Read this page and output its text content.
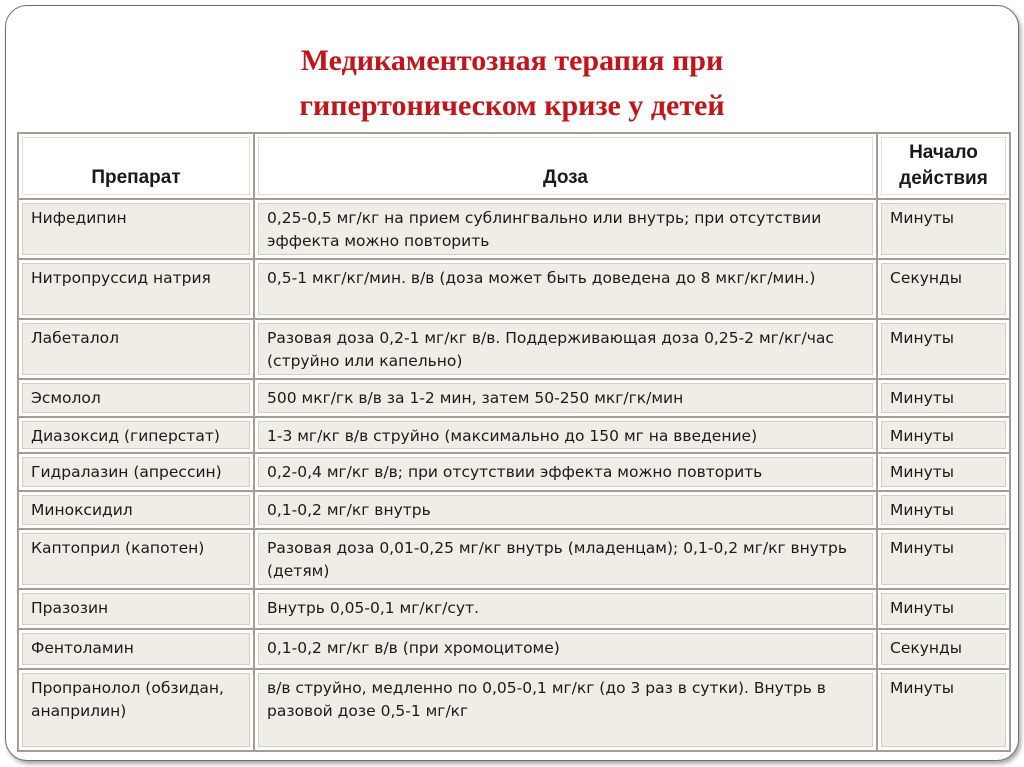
Медикаментозная терапия при
гипертоническом кризе у детей
Препарат	Доза	Начало действия

Нифедипин	0,25-0,5 мг/кг на прием сублингвально или внутрь; при отсутствии эффекта можно повторить	Минуты

Нитропруссид натрия	0,5-1 мкг/кг/мин. в/в (доза может быть доведена до 8 мкг/кг/мин.)	Секунды

Лабеталол	Разовая доза 0,2-1 мг/кг в/в. Поддерживающая доза 0,25-2 мг/кг/час (струйно или капельно)	Минуты

Эсмолол	500 мкг/гк в/в за 1-2 мин, затем 50-250 мкг/гк/мин	Минуты

Диазоксид (гиперстат)	1-3 мг/кг в/в струйно (максимально до 150 мг на введение)	Минуты

Гидралазин (апрессин)	0,2-0,4 мг/кг в/в; при отсутствии эффекта можно повторить	Минуты

Миноксидил	0,1-0,2 мг/кг внутрь	Минуты

Каптоприл (капотен)	Разовая доза 0,01-0,25 мг/кг внутрь (младенцам); 0,1-0,2 мг/кг внутрь (детям)	Минуты

Празозин	Внутрь 0,05-0,1 мг/кг/сут.	Минуты

Фентоламин	0,1-0,2 мг/кг в/в (при хромоцитоме)	Секунды

Пропранолол (обзидан, анаприлин)	в/в струйно, медленно по 0,05-0,1 мг/кг (до 3 раз в сутки). Внутрь в разовой дозе 0,5-1 мг/кг	Минуты
